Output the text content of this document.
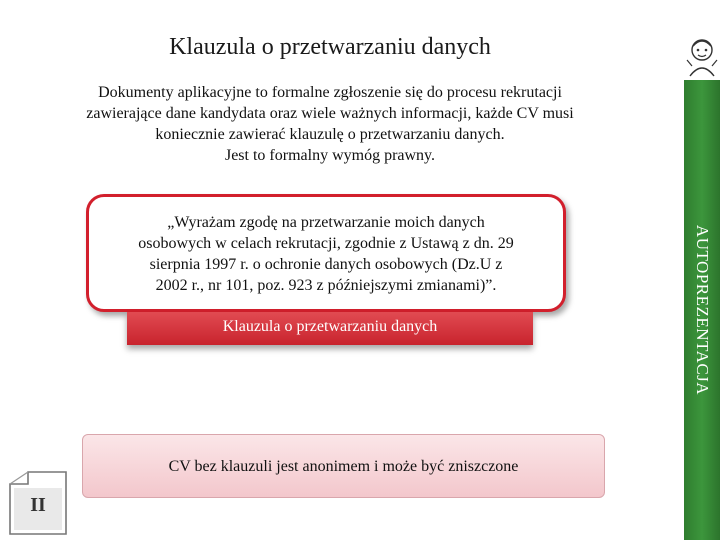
Klauzula o przetwarzaniu danych
Dokumenty aplikacyjne to formalne zgłoszenie się do procesu rekrutacji
zawierające dane kandydata oraz wiele ważnych informacji, każde CV musi
koniecznie zawierać klauzulę o przetwarzaniu danych.
Jest to formalny wymóg prawny.
„Wyrażam zgodę na przetwarzanie moich danych
osobowych w celach rekrutacji, zgodnie z Ustawą z dn. 29
sierpnia 1997 r. o ochronie danych osobowych (Dz.U z
2002 r., nr 101, poz. 923 z późniejszymi zmianami)”.
Klauzula o przetwarzaniu danych
CV bez klauzuli jest anonimem i może być zniszczone
AUTOPREZENTACJA
II
